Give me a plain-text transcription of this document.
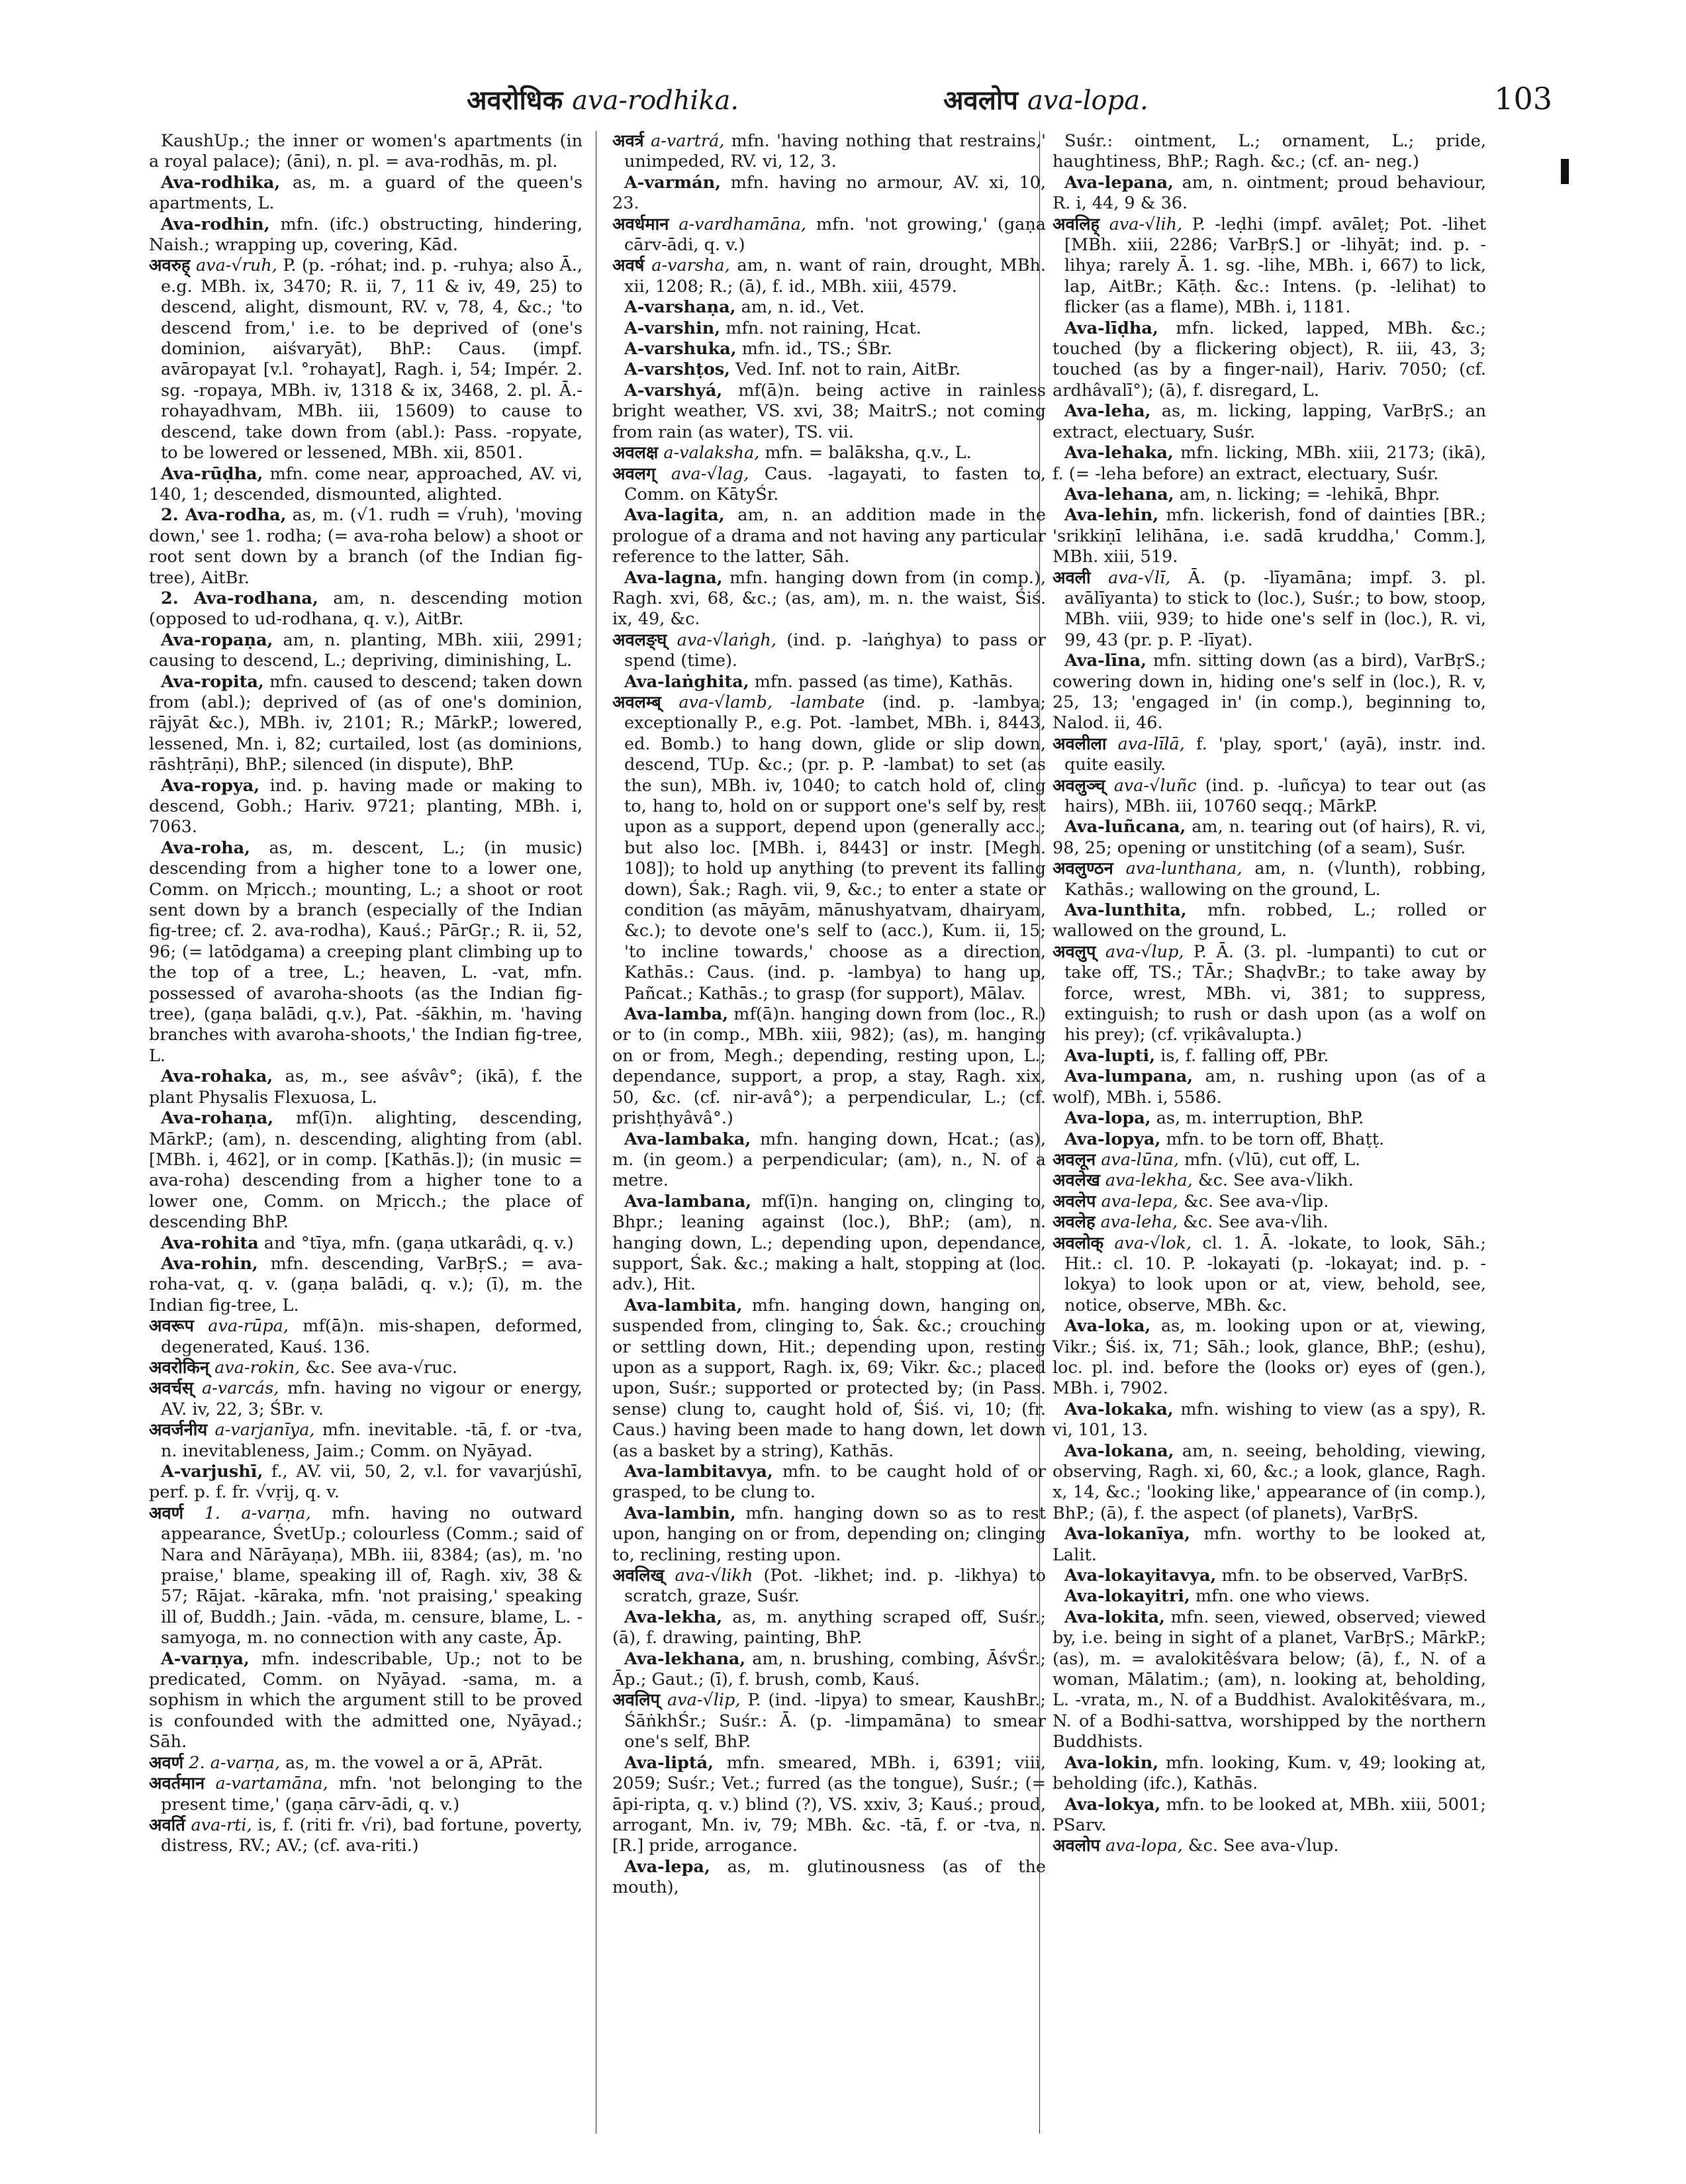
अवरोधिक ava-rodhika.	अवलोप ava-lopa.	103

KaushUp.; the inner or women's apartments (in a royal palace); (āni), n. pl. = ava-rodhās, m. pl.

Ava-rodhika, as, m. a guard of the queen's apartments, L.

Ava-rodhin, mfn. (ifc.) obstructing, hindering, Naish.; wrapping up, covering, Kād.

अवरुह् ava-√ruh, P. (p. -róhat; ind. p. -ruhya; also Ā., e.g. MBh. ix, 3470; R. ii, 7, 11 & iv, 49, 25) to descend, alight, dismount, RV. v, 78, 4, &c.; 'to descend from,' i.e. to be deprived of (one's dominion, aiśvaryāt), BhP.: Caus. (impf. avāropayat [v.l. °rohayat], Ragh. i, 54; Impér. 2. sg. -ropaya, MBh. iv, 1318 & ix, 3468, 2. pl. Ā.-rohayadhvam, MBh. iii, 15609) to cause to descend, take down from (abl.): Pass. -ropyate, to be lowered or lessened, MBh. xii, 8501.

Ava-rūḍha, mfn. come near, approached, AV. vi, 140, 1; descended, dismounted, alighted.

2. Ava-rodha, as, m. (√1. rudh = √ruh), 'moving down,' see 1. rodha; (= ava-roha below) a shoot or root sent down by a branch (of the Indian fig-tree), AitBr.

2. Ava-rodhana, am, n. descending motion (opposed to ud-rodhana, q. v.), AitBr.

Ava-ropaṇa, am, n. planting, MBh. xiii, 2991; causing to descend, L.; depriving, diminishing, L.

Ava-ropita, mfn. caused to descend; taken down from (abl.); deprived of (as of one's dominion, rājyāt &c.), MBh. iv, 2101; R.; MārkP.; lowered, lessened, Mn. i, 82; curtailed, lost (as dominions, rāshṭrāṇi), BhP.; silenced (in dispute), BhP.

Ava-ropya, ind. p. having made or making to descend, Gobh.; Hariv. 9721; planting, MBh. i, 7063.

Ava-roha, as, m. descent, L.; (in music) descending from a higher tone to a lower one, Comm. on Mṛicch.; mounting, L.; a shoot or root sent down by a branch (especially of the Indian fig-tree; cf. 2. ava-rodha), Kauś.; PārGṛ.; R. ii, 52, 96; (= latōdgama) a creeping plant climbing up to the top of a tree, L.; heaven, L. -vat, mfn. possessed of avaroha-shoots (as the Indian fig-tree), (gaṇa balādi, q.v.), Pat. -śākhin, m. 'having branches with avaroha-shoots,' the Indian fig-tree, L.

Ava-rohaka, as, m., see aśvâv°; (ikā), f. the plant Physalis Flexuosa, L.

Ava-rohaṇa, mf(ī)n. alighting, descending, MārkP.; (am), n. descending, alighting from (abl. [MBh. i, 462], or in comp. [Kathās.]); (in music = ava-roha) descending from a higher tone to a lower one, Comm. on Mṛicch.; the place of descending BhP.

Ava-rohita and °tīya, mfn. (gaṇa utkarâdi, q. v.)

Ava-rohin, mfn. descending, VarBṛS.; = ava-roha-vat, q. v. (gaṇa balādi, q. v.); (ī), m. the Indian fig-tree, L.

अवरूप ava-rūpa, mf(ā)n. mis-shapen, deformed, degenerated, Kauś. 136.

अवरोकिन् ava-rokin, &c. See ava-√ruc.

अवर्चस् a-varcás, mfn. having no vigour or energy, AV. iv, 22, 3; ŚBr. v.

अवर्जनीय a-varjanīya, mfn. inevitable. -tā, f. or -tva, n. inevitableness, Jaim.; Comm. on Nyāyad.

A-varjushī, f., AV. vii, 50, 2, v.l. for vavarjúshī, perf. p. f. fr. √vṛij, q. v.

अवर्ण 1. a-varṇa, mfn. having no outward appearance, ŚvetUp.; colourless (Comm.; said of Nara and Nārāyaṇa), MBh. iii, 8384; (as), m. 'no praise,' blame, speaking ill of, Ragh. xiv, 38 & 57; Rājat. -kāraka, mfn. 'not praising,' speaking ill of, Buddh.; Jain. -vāda, m. censure, blame, L. -samyoga, m. no connection with any caste, Āp.

A-varṇya, mfn. indescribable, Up.; not to be predicated, Comm. on Nyāyad. -sama, m. a sophism in which the argument still to be proved is confounded with the admitted one, Nyāyad.; Sāh.

अवर्ण 2. a-varṇa, as, m. the vowel a or ā, APrāt.

अवर्तमान a-vartamāna, mfn. 'not belonging to the present time,' (gaṇa cārv-ādi, q. v.)

अवर्ति ava-rti, is, f. (riti fr. √ri), bad fortune, poverty, distress, RV.; AV.; (cf. ava-riti.)

अवर्त्र a-vartrá, mfn. 'having nothing that restrains,' unimpeded, RV. vi, 12, 3.

A-varmán, mfn. having no armour, AV. xi, 10, 23.

अवर्धमान a-vardhamāna, mfn. 'not growing,' (gaṇa cārv-ādi, q. v.)

अवर्ष a-varsha, am, n. want of rain, drought, MBh. xii, 1208; R.; (ā), f. id., MBh. xiii, 4579.

A-varshaṇa, am, n. id., Vet.

A-varshin, mfn. not raining, Hcat.

A-varshuka, mfn. id., TS.; ŚBr.

A-varshṭos, Ved. Inf. not to rain, AitBr.

A-varshyá, mf(ā)n. being active in rainless bright weather, VS. xvi, 38; MaitrS.; not coming from rain (as water), TS. vii.

अवलक्ष a-valaksha, mfn. = balāksha, q.v., L.

अवलग् ava-√lag, Caus. -lagayati, to fasten to, Comm. on KātyŚr.

Ava-lagita, am, n. an addition made in the prologue of a drama and not having any particular reference to the latter, Sāh.

Ava-lagna, mfn. hanging down from (in comp.), Ragh. xvi, 68, &c.; (as, am), m. n. the waist, Śiś. ix, 49, &c.

अवलङ्घ् ava-√laṅgh, (ind. p. -laṅghya) to pass or spend (time).

Ava-laṅghita, mfn. passed (as time), Kathās.

अवलम्ब् ava-√lamb, -lambate (ind. p. -lambya; exceptionally P., e.g. Pot. -lambet, MBh. i, 8443, ed. Bomb.) to hang down, glide or slip down, descend, TUp. &c.; (pr. p. P. -lambat) to set (as the sun), MBh. iv, 1040; to catch hold of, cling to, hang to, hold on or support one's self by, rest upon as a support, depend upon (generally acc.; but also loc. [MBh. i, 8443] or instr. [Megh. 108]); to hold up anything (to prevent its falling down), Śak.; Ragh. vii, 9, &c.; to enter a state or condition (as māyām, mānushyatvam, dhairyam, &c.); to devote one's self to (acc.), Kum. ii, 15; 'to incline towards,' choose as a direction, Kathās.: Caus. (ind. p. -lambya) to hang up, Pañcat.; Kathās.; to grasp (for support), Mālav.

Ava-lamba, mf(ā)n. hanging down from (loc., R.) or to (in comp., MBh. xiii, 982); (as), m. hanging on or from, Megh.; depending, resting upon, L.; dependance, support, a prop, a stay, Ragh. xix, 50, &c. (cf. nir-avâ°); a perpendicular, L.; (cf. prishṭhyâvâ°.)

Ava-lambaka, mfn. hanging down, Hcat.; (as), m. (in geom.) a perpendicular; (am), n., N. of a metre.

Ava-lambana, mf(ī)n. hanging on, clinging to, Bhpr.; leaning against (loc.), BhP.; (am), n. hanging down, L.; depending upon, dependance, support, Śak. &c.; making a halt, stopping at (loc. adv.), Hit.

Ava-lambita, mfn. hanging down, hanging on, suspended from, clinging to, Śak. &c.; crouching or settling down, Hit.; depending upon, resting upon as a support, Ragh. ix, 69; Vikr. &c.; placed upon, Suśr.; supported or protected by; (in Pass. sense) clung to, caught hold of, Śiś. vi, 10; (fr. Caus.) having been made to hang down, let down (as a basket by a string), Kathās.

Ava-lambitavya, mfn. to be caught hold of or grasped, to be clung to.

Ava-lambin, mfn. hanging down so as to rest upon, hanging on or from, depending on; clinging to, reclining, resting upon.

अवलिख् ava-√likh (Pot. -likhet; ind. p. -likhya) to scratch, graze, Suśr.

Ava-lekha, as, m. anything scraped off, Suśr.; (ā), f. drawing, painting, BhP.

Ava-lekhana, am, n. brushing, combing, ĀśvŚr.; Āp.; Gaut.; (ī), f. brush, comb, Kauś.

अवलिप् ava-√lip, P. (ind. -lipya) to smear, KaushBr.; ŚāṅkhŚr.; Suśr.: Ā. (p. -limpamāna) to smear one's self, BhP.

Ava-liptá, mfn. smeared, MBh. i, 6391; viii, 2059; Suśr.; Vet.; furred (as the tongue), Suśr.; (= āpi-ripta, q. v.) blind (?), VS. xxiv, 3; Kauś.; proud, arrogant, Mn. iv, 79; MBh. &c. -tā, f. or -tva, n. [R.] pride, arrogance.

Ava-lepa, as, m. glutinousness (as of the mouth),

Suśr.: ointment, L.; ornament, L.; pride, haughtiness, BhP.; Ragh. &c.; (cf. an- neg.)

Ava-lepana, am, n. ointment; proud behaviour, R. i, 44, 9 & 36.

अवलिह् ava-√lih, P. -leḍhi (impf. avāleṭ; Pot. -lihet [MBh. xiii, 2286; VarBṛS.] or -lihyāt; ind. p. -lihya; rarely Ā. 1. sg. -lihe, MBh. i, 667) to lick, lap, AitBr.; Kāṭh. &c.: Intens. (p. -lelihat) to flicker (as a flame), MBh. i, 1181.

Ava-līḍha, mfn. licked, lapped, MBh. &c.; touched (by a flickering object), R. iii, 43, 3; touched (as by a finger-nail), Hariv. 7050; (cf. ardhâvalī°); (ā), f. disregard, L.

Ava-leha, as, m. licking, lapping, VarBṛS.; an extract, electuary, Suśr.

Ava-lehaka, mfn. licking, MBh. xiii, 2173; (ikā), f. (= -leha before) an extract, electuary, Suśr.

Ava-lehana, am, n. licking; = -lehikā, Bhpr.

Ava-lehin, mfn. lickerish, fond of dainties [BR.; 'srikkiṇī lelihāna, i.e. sadā kruddha,' Comm.], MBh. xiii, 519.

अवली ava-√lī, Ā. (p. -līyamāna; impf. 3. pl. avālīyanta) to stick to (loc.), Suśr.; to bow, stoop, MBh. viii, 939; to hide one's self in (loc.), R. vi, 99, 43 (pr. p. P. -līyat).

Ava-līna, mfn. sitting down (as a bird), VarBṛS.; cowering down in, hiding one's self in (loc.), R. v, 25, 13; 'engaged in' (in comp.), beginning to, Nalod. ii, 46.

अवलीला ava-līlā, f. 'play, sport,' (ayā), instr. ind. quite easily.

अवलुञ्च् ava-√luñc (ind. p. -luñcya) to tear out (as hairs), MBh. iii, 10760 seqq.; MārkP.

Ava-luñcana, am, n. tearing out (of hairs), R. vi, 98, 25; opening or unstitching (of a seam), Suśr.

अवलुण्ठन ava-lunthana, am, n. (√lunth), robbing, Kathās.; wallowing on the ground, L.

Ava-lunthita, mfn. robbed, L.; rolled or wallowed on the ground, L.

अवलुप् ava-√lup, P. Ā. (3. pl. -lumpanti) to cut or take off, TS.; TĀr.; ShaḍvBr.; to take away by force, wrest, MBh. vi, 381; to suppress, extinguish; to rush or dash upon (as a wolf on his prey); (cf. vṛikâvalupta.)

Ava-lupti, is, f. falling off, PBr.

Ava-lumpana, am, n. rushing upon (as of a wolf), MBh. i, 5586.

Ava-lopa, as, m. interruption, BhP.

Ava-lopya, mfn. to be torn off, Bhaṭṭ.

अवलून ava-lūna, mfn. (√lū), cut off, L.

अवलेख ava-lekha, &c. See ava-√likh.

अवलेप ava-lepa, &c. See ava-√lip.

अवलेह ava-leha, &c. See ava-√lih.

अवलोक् ava-√lok, cl. 1. Ā. -lokate, to look, Sāh.; Hit.: cl. 10. P. -lokayati (p. -lokayat; ind. p. -lokya) to look upon or at, view, behold, see, notice, observe, MBh. &c.

Ava-loka, as, m. looking upon or at, viewing, Vikr.; Śiś. ix, 71; Sāh.; look, glance, BhP.; (eshu), loc. pl. ind. before the (looks or) eyes of (gen.), MBh. i, 7902.

Ava-lokaka, mfn. wishing to view (as a spy), R. vi, 101, 13.

Ava-lokana, am, n. seeing, beholding, viewing, observing, Ragh. xi, 60, &c.; a look, glance, Ragh. x, 14, &c.; 'looking like,' appearance of (in comp.), BhP.; (ā), f. the aspect (of planets), VarBṛS.

Ava-lokanīya, mfn. worthy to be looked at, Lalit.

Ava-lokayitavya, mfn. to be observed, VarBṛS.

Ava-lokayitri, mfn. one who views.

Ava-lokita, mfn. seen, viewed, observed; viewed by, i.e. being in sight of a planet, VarBṛS.; MārkP.; (as), m. = avalokitêśvara below; (ā), f., N. of a woman, Mālatim.; (am), n. looking at, beholding, L. -vrata, m., N. of a Buddhist. Avalokitêśvara, m., N. of a Bodhi-sattva, worshipped by the northern Buddhists.

Ava-lokin, mfn. looking, Kum. v, 49; looking at, beholding (ifc.), Kathās.

Ava-lokya, mfn. to be looked at, MBh. xiii, 5001; PSarv.

अवलोप ava-lopa, &c. See ava-√lup.
